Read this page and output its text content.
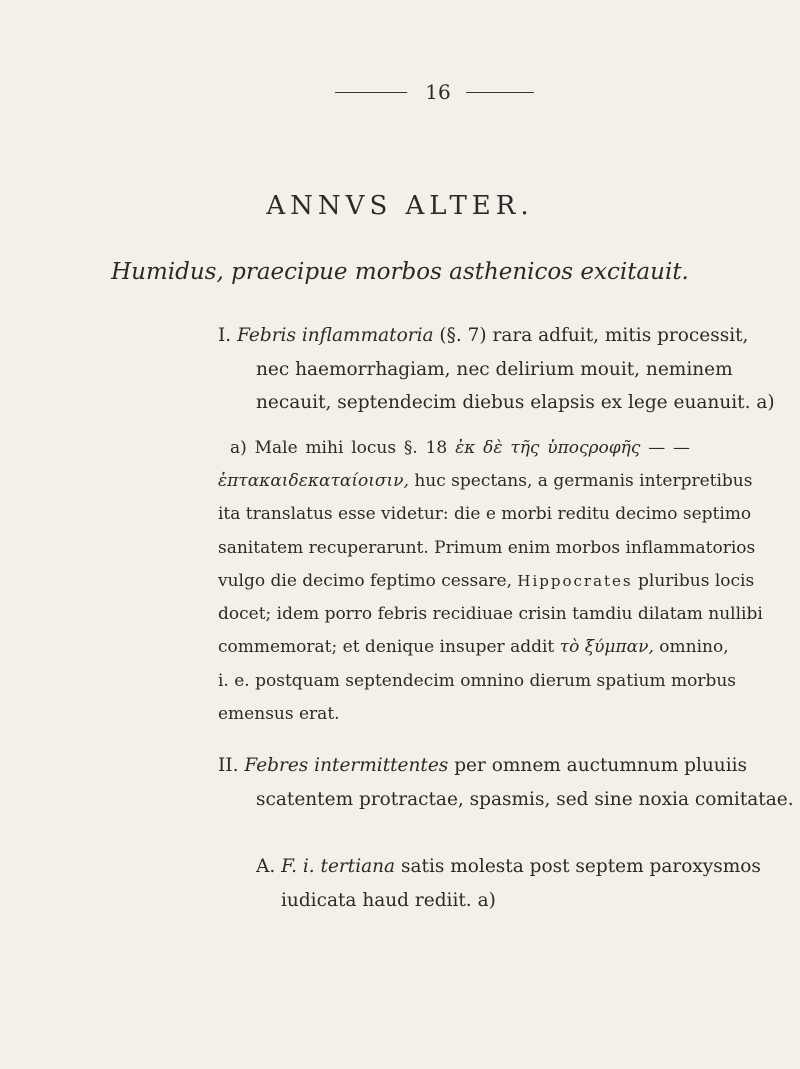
16
ANNVS ALTER.
Humidus, praecipue morbos asthenicos excitauit.
I. Febris inflammatoria (§. 7) rara adfuit, mitis processit,
nec haemorrhagiam, nec delirium mouit, neminem
necauit, septendecim diebus elapsis ex lege euanuit. a)
a) Male mihi locus §. 18 ἐκ δὲ τῆς ὑποςροφῆς — —
ἑπτακαιδεκαταίοισιν, huc spectans, a germanis interpretibus
ita translatus esse videtur: die e morbi reditu decimo septimo
sanitatem recuperarunt. Primum enim morbos inflammatorios
vulgo die decimo feptimo cessare, Hippocrates pluribus locis
docet; idem porro febris recidiuae crisin tamdiu dilatam nullibi
commemorat; et denique insuper addit τὸ ξύμπαν, omnino,
i. e. postquam septendecim omnino dierum spatium morbus
emensus erat.
II. Febres intermittentes per omnem auctumnum pluuiis
scatentem protractae, spasmis, sed sine noxia comitatae.
A. F. i. tertiana satis molesta post septem paroxysmos
iudicata haud rediit. a)
